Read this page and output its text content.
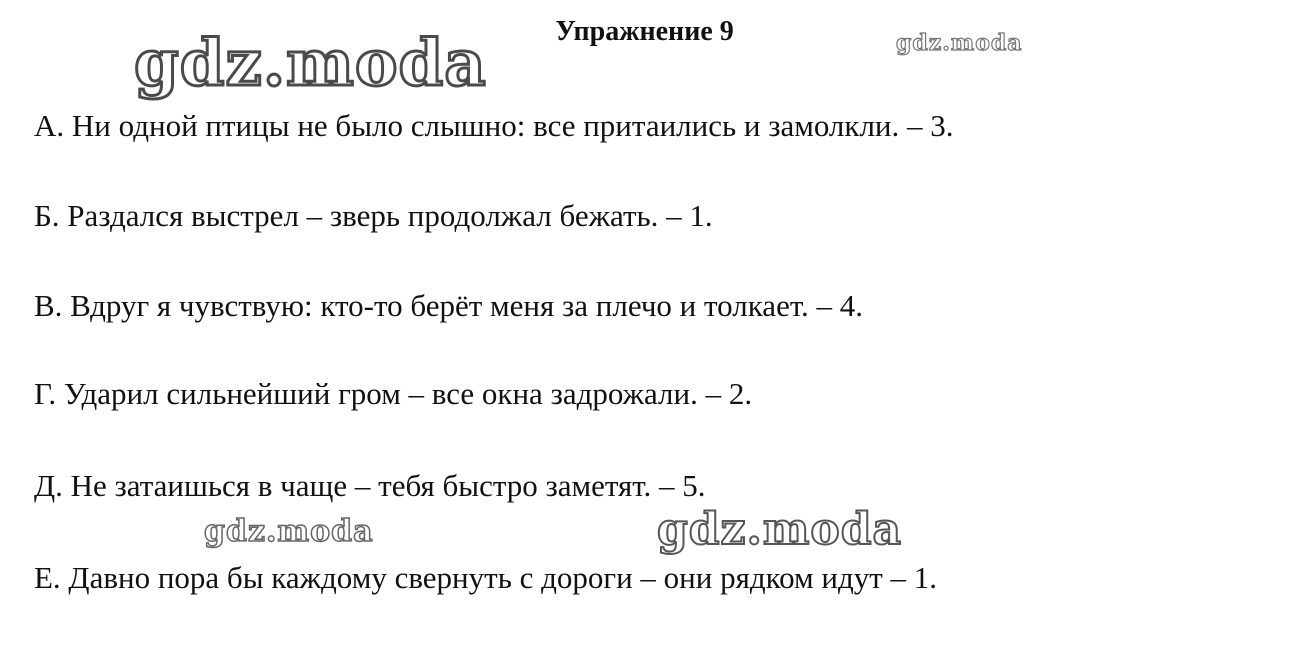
Упражнение 9
gdz.moda	gdz.moda
gdz.moda	gdz.moda
А. Ни одной птицы не было слышно: все притаились и замолкли. – 3.
Б. Раздался выстрел – зверь продолжал бежать. – 1.
В. Вдруг я чувствую: кто-то берёт меня за плечо и толкает. – 4.
Г. Ударил сильнейший гром – все окна задрожали. – 2.
Д. Не затаишься в чаще – тебя быстро заметят. – 5.
Е. Давно пора бы каждому свернуть с дороги – они рядком идут – 1.
